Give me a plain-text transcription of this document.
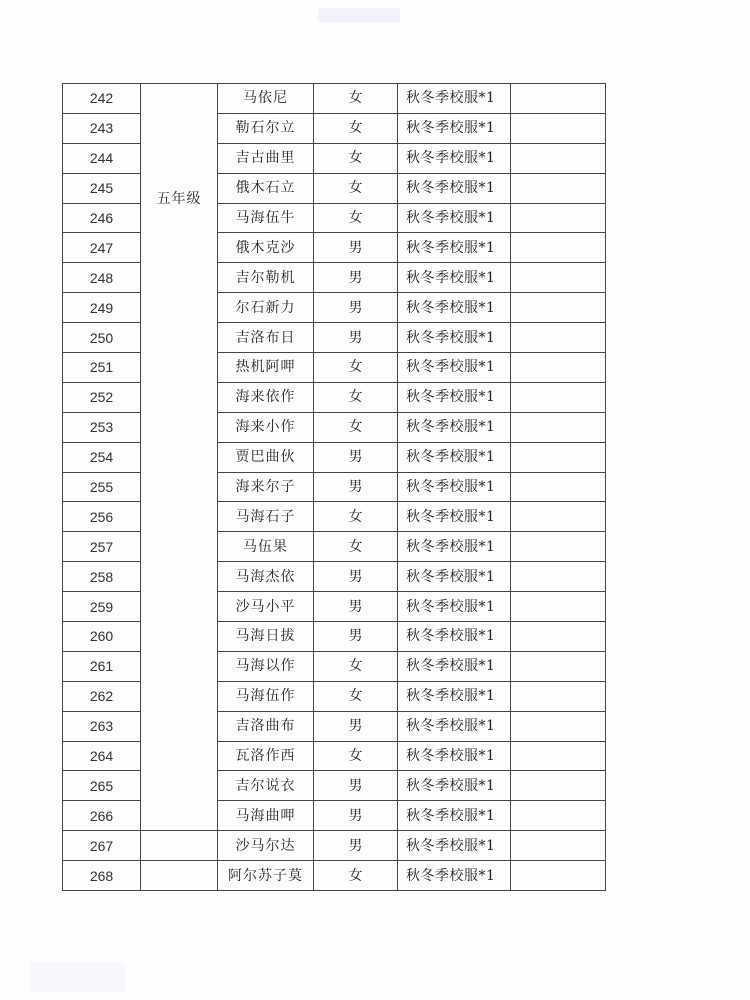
242	五年级	马依尼	女	秋冬季校服*1	
243		勒石尔立	女	秋冬季校服*1	
244		吉古曲里	女	秋冬季校服*1	
245		俄木石立	女	秋冬季校服*1	
246		马海伍牛	女	秋冬季校服*1	
247		俄木克沙	男	秋冬季校服*1	
248		吉尔勒机	男	秋冬季校服*1	
249		尔石新力	男	秋冬季校服*1	
250		吉洛布日	男	秋冬季校服*1	
251		热机阿呷	女	秋冬季校服*1	
252		海来依作	女	秋冬季校服*1	
253		海来小作	女	秋冬季校服*1	
254		贾巴曲伙	男	秋冬季校服*1	
255		海来尔子	男	秋冬季校服*1	
256		马海石子	女	秋冬季校服*1	
257		马伍果	女	秋冬季校服*1	
258		马海杰依	男	秋冬季校服*1	
259		沙马小平	男	秋冬季校服*1	
260		马海日拔	男	秋冬季校服*1	
261		马海以作	女	秋冬季校服*1	
262		马海伍作	女	秋冬季校服*1	
263		吉洛曲布	男	秋冬季校服*1	
264		瓦洛作西	女	秋冬季校服*1	
265		吉尔说衣	男	秋冬季校服*1	
266		马海曲呷	男	秋冬季校服*1	
267		沙马尔达	男	秋冬季校服*1	
268		阿尔苏子莫	女	秋冬季校服*1	
